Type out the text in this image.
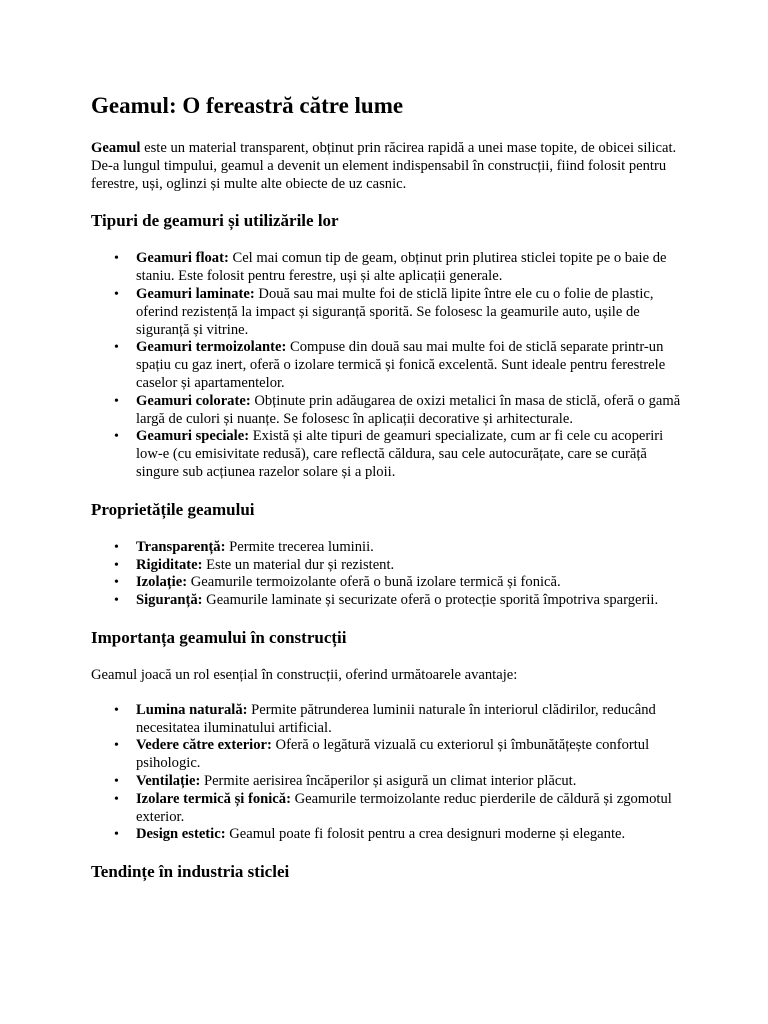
Geamul: O fereastră către lume

Geamul este un material transparent, obținut prin răcirea rapidă a unei mase topite, de obicei silicat. De-a lungul timpului, geamul a devenit un element indispensabil în construcții, fiind folosit pentru ferestre, uși, oglinzi și multe alte obiecte de uz casnic.

Tipuri de geamuri și utilizările lor
• Geamuri float: Cel mai comun tip de geam, obținut prin plutirea sticlei topite pe o baie de staniu. Este folosit pentru ferestre, uși și alte aplicații generale.
• Geamuri laminate: Două sau mai multe foi de sticlă lipite între ele cu o folie de plastic, oferind rezistență la impact și siguranță sporită. Se folosesc la geamurile auto, ușile de siguranță și vitrine.
• Geamuri termoizolante: Compuse din două sau mai multe foi de sticlă separate printr-un spațiu cu gaz inert, oferă o izolare termică și fonică excelentă. Sunt ideale pentru ferestrele caselor și apartamentelor.
• Geamuri colorate: Obținute prin adăugarea de oxizi metalici în masa de sticlă, oferă o gamă largă de culori și nuanțe. Se folosesc în aplicații decorative și arhitecturale.
• Geamuri speciale: Există și alte tipuri de geamuri specializate, cum ar fi cele cu acoperiri low-e (cu emisivitate redusă), care reflectă căldura, sau cele autocurățate, care se curăță singure sub acțiunea razelor solare și a ploii.
Proprietățile geamului
• Transparență: Permite trecerea luminii.
• Rigiditate: Este un material dur și rezistent.
• Izolație: Geamurile termoizolante oferă o bună izolare termică și fonică.
• Siguranță: Geamurile laminate și securizate oferă o protecție sporită împotriva spargerii.
Importanța geamului în construcții

Geamul joacă un rol esențial în construcții, oferind următoarele avantaje:

• Lumina naturală: Permite pătrunderea luminii naturale în interiorul clădirilor, reducând necesitatea iluminatului artificial.
• Vedere către exterior: Oferă o legătură vizuală cu exteriorul și îmbunătățește confortul psihologic.
• Ventilație: Permite aerisirea încăperilor și asigură un climat interior plăcut.
• Izolare termică și fonică: Geamurile termoizolante reduc pierderile de căldură și zgomotul exterior.
• Design estetic: Geamul poate fi folosit pentru a crea designuri moderne și elegante.
Tendințe în industria sticlei
